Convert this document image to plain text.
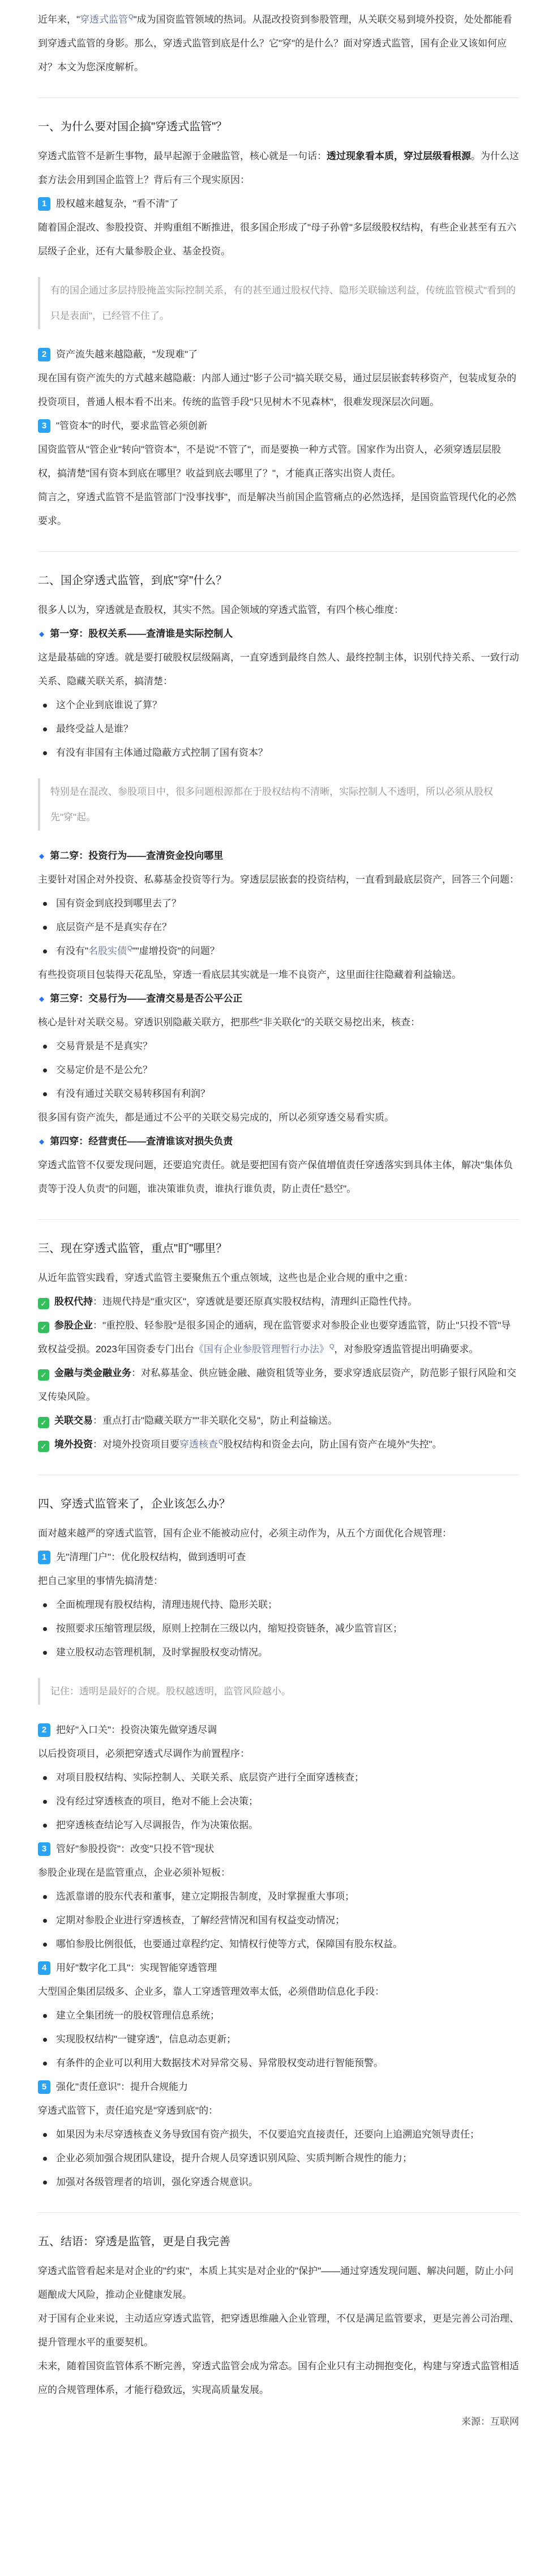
近年来，"穿透式监管$^Q$"成为国资监管领域的热词。从混改投资到参股管理，从关联交易到境外投资，处处都能看到穿透式监管的身影。那么，穿透式监管到底是什么？它"穿"的是什么？面对穿透式监管，国有企业又该如何应对？本文为您深度解析。

一、为什么要对国企搞"穿透式监管"？

穿透式监管不是新生事物，最早起源于金融监管，核心就是一句话：透过现象看本质，穿过层级看根源。为什么这套方法会用到国企监管上？背后有三个现实原因：

1 股权越来越复杂，"看不清"了

随着国企混改、参股投资、并购重组不断推进，很多国企形成了"母子孙曾"多层级股权结构，有些企业甚至有五六层级子企业，还有大量参股企业、基金投资。

有的国企通过多层持股掩盖实际控制关系，有的甚至通过股权代持、隐形关联输送利益，传统监管模式"看到的只是表面"，已经管不住了。

2 资产流失越来越隐蔽，"发现难"了

现在国有资产流失的方式越来越隐蔽：内部人通过"影子公司"搞关联交易，通过层层嵌套转移资产，包装成复杂的投资项目，普通人根本看不出来。传统的监管手段"只见树木不见森林"，很难发现深层次问题。

3 "管资本"的时代，要求监管必须创新

国资监管从"管企业"转向"管资本"，不是说"不管了"，而是要换一种方式管。国家作为出资人，必须穿透层层股权，搞清楚"国有资本到底在哪里？收益到底去哪里了？"，才能真正落实出资人责任。

简言之，穿透式监管不是监管部门"没事找事"，而是解决当前国企监管痛点的必然选择，是国资监管现代化的必然要求。

二、国企穿透式监管，到底"穿"什么？

很多人以为，穿透就是查股权，其实不然。国企领域的穿透式监管，有四个核心维度：

◆ 第一穿：股权关系——查清谁是实际控制人

这是最基础的穿透。就是要打破股权层级隔离，一直穿透到最终自然人、最终控制主体，识别代持关系、一致行动关系、隐藏关联关系，搞清楚：

这个企业到底谁说了算？
最终受益人是谁？
有没有非国有主体通过隐蔽方式控制了国有资本？

特别是在混改、参股项目中，很多问题根源都在于股权结构不清晰，实际控制人不透明，所以必须从股权先"穿"起。

◆ 第二穿：投资行为——查清资金投向哪里

主要针对国企对外投资、私募基金投资等行为。穿透层层嵌套的投资结构，一直看到最底层资产，回答三个问题：

国有资金到底投到哪里去了？
底层资产是不是真实存在？
有没有"名股实债$^Q$""虚增投资"的问题？

有些投资项目包装得天花乱坠，穿透一看底层其实就是一堆不良资产，这里面往往隐藏着利益输送。

◆ 第三穿：交易行为——查清交易是否公平公正

核心是针对关联交易。穿透识别隐蔽关联方，把那些"非关联化"的关联交易挖出来，核查：

交易背景是不是真实？
交易定价是不是公允？
有没有通过关联交易转移国有利润？

很多国有资产流失，都是通过不公平的关联交易完成的，所以必须穿透交易看实质。

◆ 第四穿：经营责任——查清谁该对损失负责

穿透式监管不仅要发现问题，还要追究责任。就是要把国有资产保值增值责任穿透落实到具体主体，解决"集体负责等于没人负责"的问题，谁决策谁负责，谁执行谁负责，防止责任"悬空"。

三、现在穿透式监管，重点"盯"哪里？

从近年监管实践看，穿透式监管主要聚焦五个重点领域，这些也是企业合规的重中之重：

✓ 股权代持：违规代持是"重灾区"，穿透就是要还原真实股权结构，清理纠正隐性代持。

✓ 参股企业："重控股、轻参股"是很多国企的通病，现在监管要求对参股企业也要穿透监管，防止"只投不管"导致权益受损。2023年国资委专门出台《国有企业参股管理暂行办法》$^Q$，对参股穿透监管提出明确要求。

✓ 金融与类金融业务：对私募基金、供应链金融、融资租赁等业务，要求穿透底层资产，防范影子银行风险和交叉传染风险。

✓ 关联交易：重点打击"隐藏关联方""非关联化交易"，防止利益输送。

✓ 境外投资：对境外投资项目要穿透核查$^Q$股权结构和资金去向，防止国有资产在境外"失控"。

四、穿透式监管来了，企业该怎么办？

面对越来越严的穿透式监管，国有企业不能被动应付，必须主动作为，从五个方面优化合规管理：

1 先"清理门户"：优化股权结构，做到透明可查

把自己家里的事情先搞清楚：

全面梳理现有股权结构，清理违规代持、隐形关联；
按照要求压缩管理层级，原则上控制在三级以内，缩短投资链条，减少监管盲区；
建立股权动态管理机制，及时掌握股权变动情况。

记住：透明是最好的合规。股权越透明，监管风险越小。

2 把好"入口关"：投资决策先做穿透尽调

以后投资项目，必须把穿透式尽调作为前置程序：

对项目股权结构、实际控制人、关联关系、底层资产进行全面穿透核查；
没有经过穿透核查的项目，绝对不能上会决策；
把穿透核查结论写入尽调报告，作为决策依据。
3 管好"参股投资"：改变"只投不管"现状

参股企业现在是监管重点，企业必须补短板：

选派靠谱的股东代表和董事，建立定期报告制度，及时掌握重大事项；
定期对参股企业进行穿透核查，了解经营情况和国有权益变动情况；
哪怕参股比例很低，也要通过章程约定、知情权行使等方式，保障国有股东权益。
4 用好"数字化工具"：实现智能穿透管理

大型国企集团层级多、企业多，靠人工穿透管理效率太低，必须借助信息化手段：

建立全集团统一的股权管理信息系统；
实现股权结构"一键穿透"，信息动态更新；
有条件的企业可以利用大数据技术对异常交易、异常股权变动进行智能预警。
5 强化"责任意识"：提升合规能力

穿透式监管下，责任追究是"穿透到底"的：

如果因为未尽穿透核查义务导致国有资产损失，不仅要追究直接责任，还要向上追溯追究领导责任；
企业必须加强合规团队建设，提升合规人员穿透识别风险、实质判断合规性的能力；
加强对各级管理者的培训，强化穿透合规意识。
五、结语：穿透是监管，更是自我完善

穿透式监管看起来是对企业的"约束"，本质上其实是对企业的"保护"——通过穿透发现问题、解决问题，防止小问题酿成大风险，推动企业健康发展。

对于国有企业来说，主动适应穿透式监管，把穿透思维融入企业管理，不仅是满足监管要求，更是完善公司治理、提升管理水平的重要契机。

未来，随着国资监管体系不断完善，穿透式监管会成为常态。国有企业只有主动拥抱变化，构建与穿透式监管相适应的合规管理体系，才能行稳致远，实现高质量发展。

来源：互联网
